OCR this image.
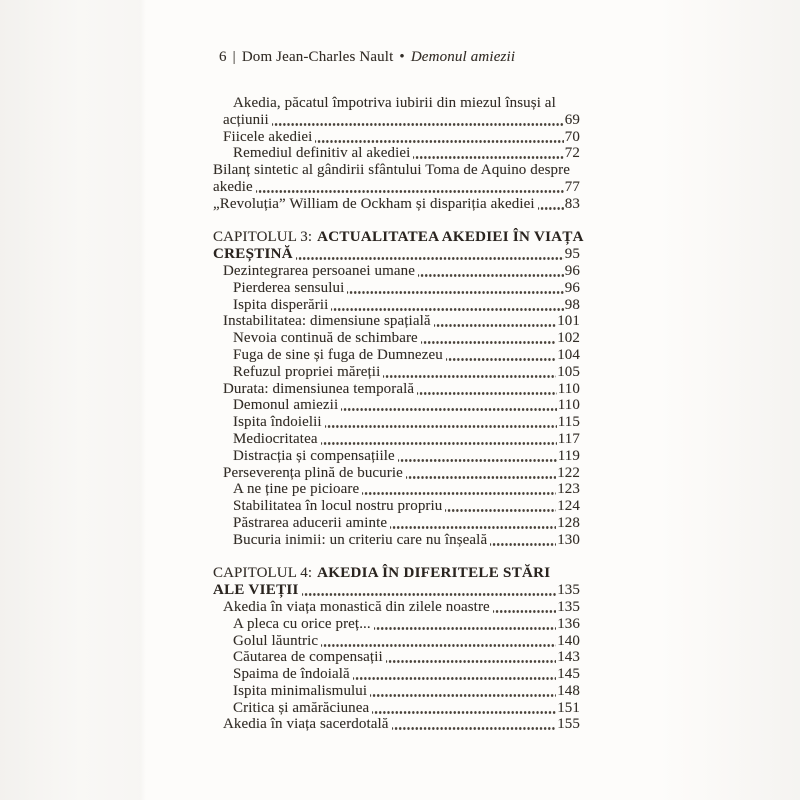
6 | Dom Jean-Charles Nault • Demonul amiezii
Akedia, păcatul împotriva iubirii din miezul însuși al
acțiunii	69
Fiicele akediei	70
Remediul definitiv al akediei	72
Bilanț sintetic al gândirii sfântului Toma de Aquino despre
akedie	77
„Revoluția” William de Ockham și dispariția akediei 83
CAPITOLUL 3: ACTUALITATEA AKEDIEI ÎN VIAȚA
CREȘTINĂ	95
Dezintegrarea persoanei umane	96
Pierderea sensului	96
Ispita disperării	98
Instabilitatea: dimensiune spațială	101
Nevoia continuă de schimbare	102
Fuga de sine și fuga de Dumnezeu	104
Refuzul propriei măreții	105
Durata: dimensiunea temporală	110
Demonul amiezii	110
Ispita îndoielii	115
Mediocritatea	117
Distracția și compensațiile	119
Perseverența plină de bucurie	122
A ne ține pe picioare	123
Stabilitatea în locul nostru propriu	124
Păstrarea aducerii aminte	128
Bucuria inimii: un criteriu care nu înșeală	130
CAPITOLUL 4: AKEDIA ÎN DIFERITELE STĂRI
ALE VIEȚII	135
Akedia în viața monastică din zilele noastre	135
A pleca cu orice preț...	136
Golul lăuntric	140
Căutarea de compensații	143
Spaima de îndoială	145
Ispita minimalismului	148
Critica și amărăciunea	151
Akedia în viața sacerdotală	155
